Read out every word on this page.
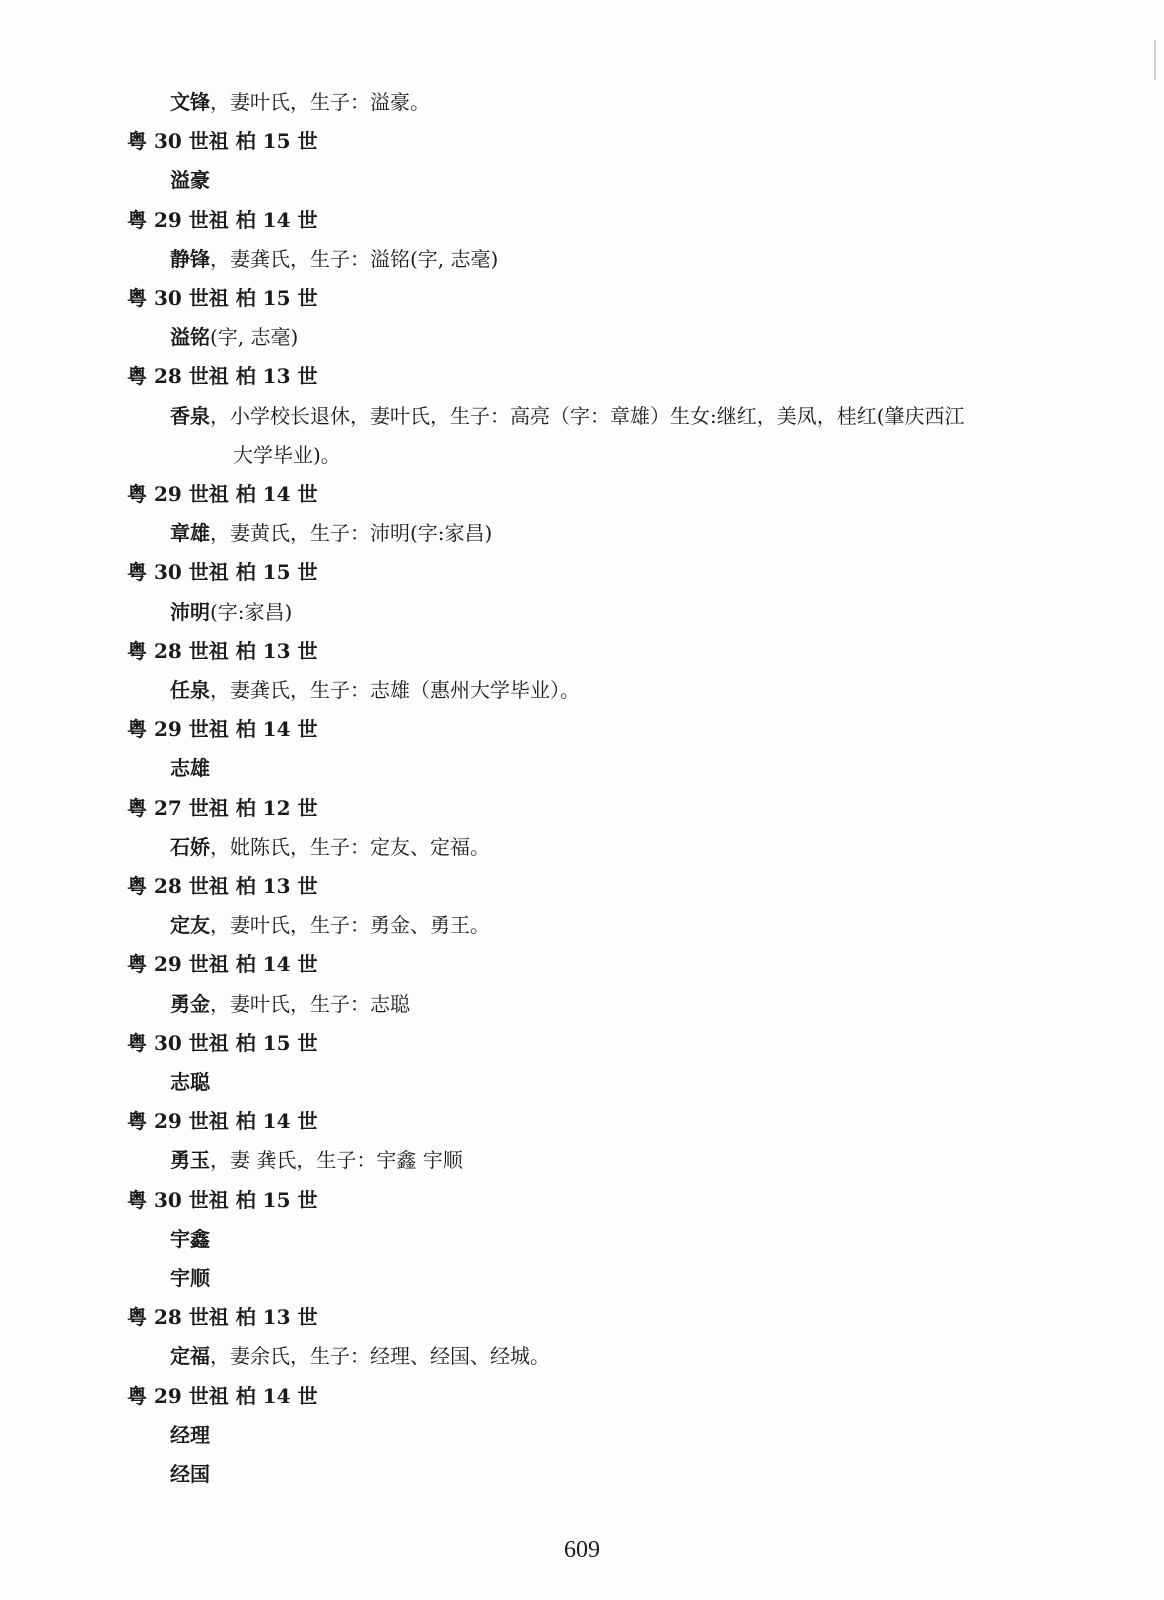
文锋，妻叶氏，生子：溢豪。
粤 30 世祖 柏 15 世
溢豪
粤 29 世祖 柏 14 世
静锋，妻龚氏，生子：溢铭(字, 志毫)
粤 30 世祖 柏 15 世
溢铭(字, 志毫)
粤 28 世祖 柏 13 世
香泉，小学校长退休，妻叶氏，生子：高亮（字：章雄）生女:继红，美凤，桂红(肇庆西江
大学毕业)。
粤 29 世祖 柏 14 世
章雄，妻黄氏，生子：沛明(字:家昌)
粤 30 世祖 柏 15 世
沛明(字:家昌)
粤 28 世祖 柏 13 世
任泉，妻龚氏，生子：志雄（惠州大学毕业）。
粤 29 世祖 柏 14 世
志雄
粤 27 世祖 柏 12 世
石娇，妣陈氏，生子：定友、定福。
粤 28 世祖 柏 13 世
定友，妻叶氏，生子：勇金、勇王。
粤 29 世祖 柏 14 世
勇金，妻叶氏，生子：志聪
粤 30 世祖 柏 15 世
志聪
粤 29 世祖 柏 14 世
勇玉，妻 龚氏，生子：宇鑫 宇顺
粤 30 世祖 柏 15 世
宇鑫
宇顺
粤 28 世祖 柏 13 世
定福，妻余氏，生子：经理、经国、经城。
粤 29 世祖 柏 14 世
经理
经国
609
